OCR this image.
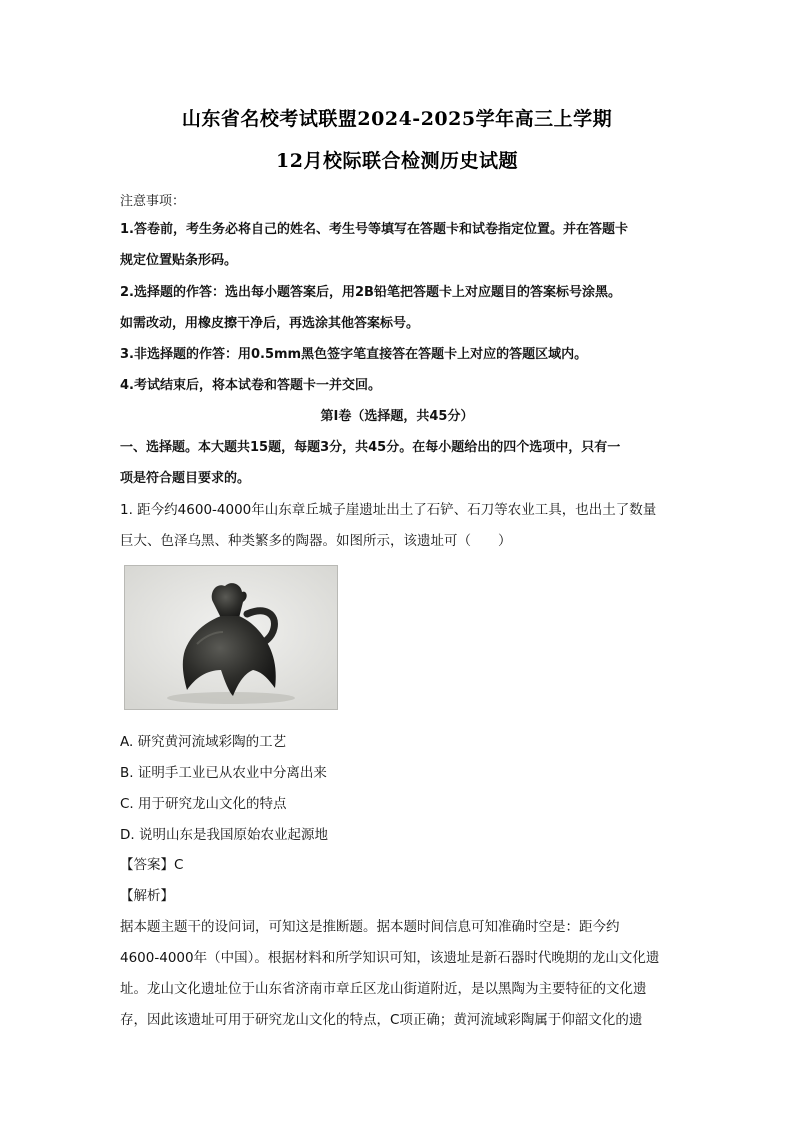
山东省名校考试联盟2024-2025学年高三上学期
12月校际联合检测历史试题
注意事项：
1.答卷前，考生务必将自己的姓名、考生号等填写在答题卡和试卷指定位置。并在答题卡
规定位置贴条形码。
2.选择题的作答：选出每小题答案后，用2B铅笔把答题卡上对应题目的答案标号涂黑。
如需改动，用橡皮擦干净后，再选涂其他答案标号。
3.非选择题的作答：用0.5mm黑色签字笔直接答在答题卡上对应的答题区域内。
4.考试结束后，将本试卷和答题卡一并交回。
第Ⅰ卷（选择题，共45分）
一、选择题。本大题共15题，每题3分，共45分。在每小题给出的四个选项中，只有一
项是符合题目要求的。
1. 距今约4600-4000年山东章丘城子崖遗址出土了石铲、石刀等农业工具，也出土了数量
巨大、色泽乌黑、种类繁多的陶器。如图所示，该遗址可（　　）
A. 研究黄河流域彩陶的工艺
B. 证明手工业已从农业中分离出来
C. 用于研究龙山文化的特点
D. 说明山东是我国原始农业起源地
【答案】C
【解析】
据本题主题干的设问词，可知这是推断题。据本题时间信息可知准确时空是：距今约
4600-4000年（中国）。根据材料和所学知识可知，该遗址是新石器时代晚期的龙山文化遗
址。龙山文化遗址位于山东省济南市章丘区龙山街道附近，是以黑陶为主要特征的文化遗
存，因此该遗址可用于研究龙山文化的特点，C项正确；黄河流域彩陶属于仰韶文化的遗
